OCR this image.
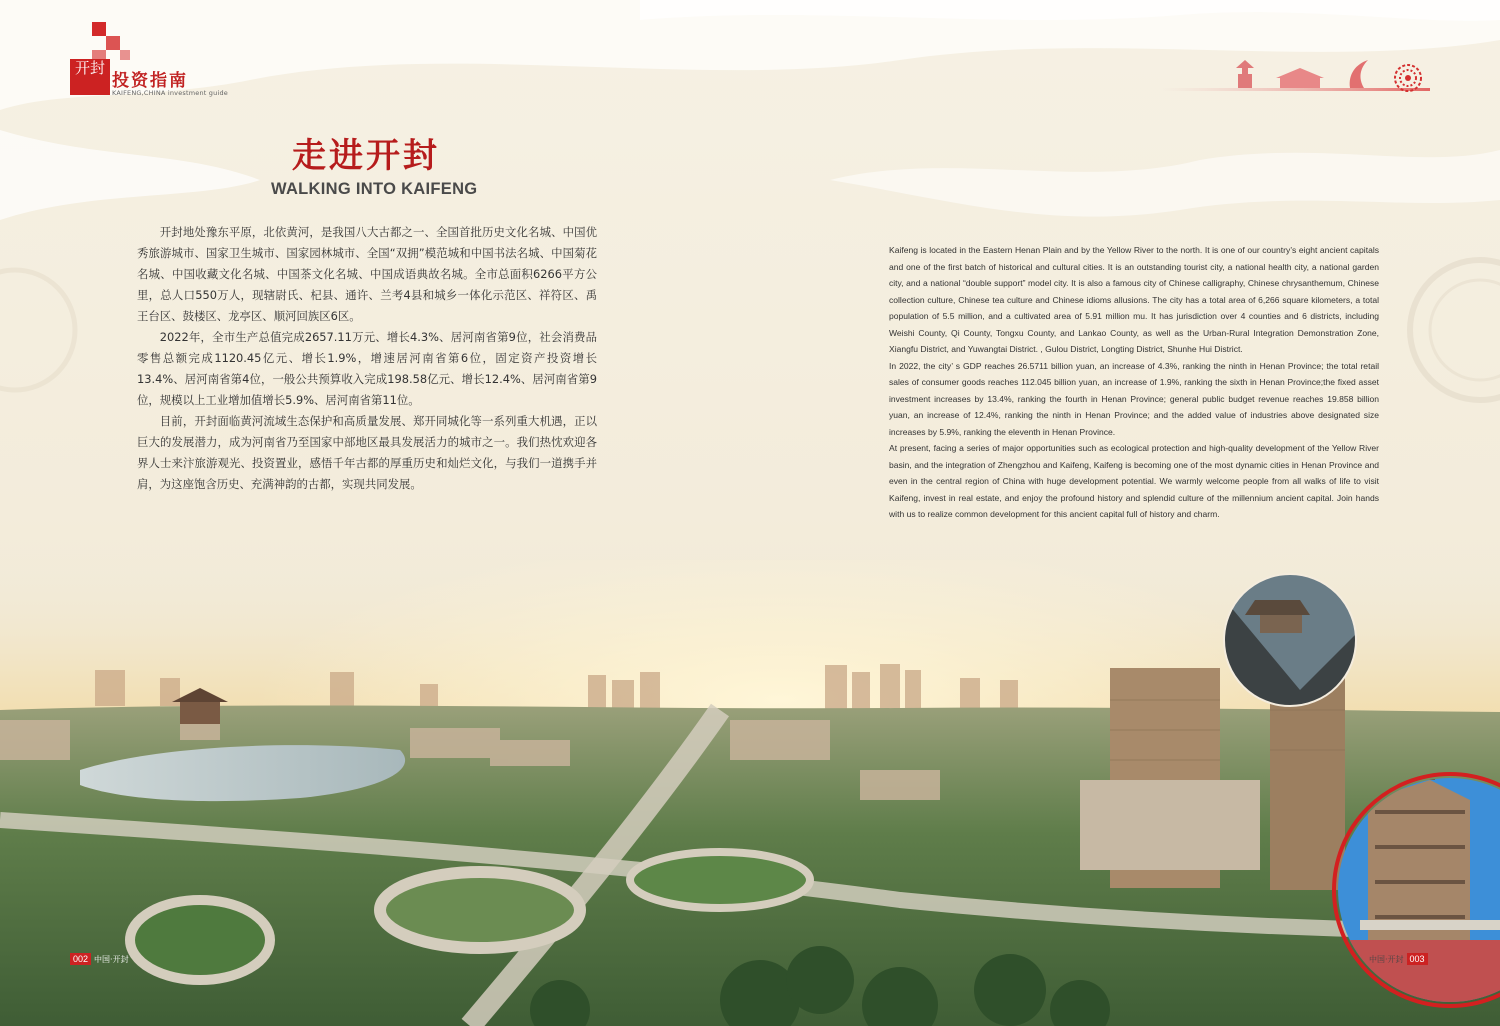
开封
投资指南
KAIFENG,CHINA investment guide
走进开封
WALKING INTO KAIFENG

开封地处豫东平原，北依黄河，是我国八大古都之一、全国首批历史文化名城、中国优秀旅游城市、国家卫生城市、国家园林城市、全国“双拥”模范城和中国书法名城、中国菊花名城、中国收藏文化名城、中国茶文化名城、中国成语典故名城。全市总面积6266平方公里，总人口550万人，现辖尉氏、杞县、通许、兰考4县和城乡一体化示范区、祥符区、禹王台区、鼓楼区、龙亭区、顺河回族区6区。

2022年，全市生产总值完成2657.11万元、增长4.3%、居河南省第9位，社会消费品零售总额完成1120.45亿元、增长1.9%，增速居河南省第6位，固定资产投资增长13.4%、居河南省第4位，一般公共预算收入完成198.58亿元、增长12.4%、居河南省第9位，规模以上工业增加值增长5.9%、居河南省第11位。

目前，开封面临黄河流域生态保护和高质量发展、郑开同城化等一系列重大机遇，正以巨大的发展潜力，成为河南省乃至国家中部地区最具发展活力的城市之一。我们热忱欢迎各界人士来汴旅游观光、投资置业，感悟千年古都的厚重历史和灿烂文化，与我们一道携手并肩，为这座饱含历史、充满神韵的古都，实现共同发展。

Kaifeng is located in the Eastern Henan Plain and by the Yellow River to the north. It is one of our country’s eight ancient capitals and one of the first batch of historical and cultural cities. It is an outstanding tourist city, a national health city, a national garden city, and a national “double support” model city. It is also a famous city of Chinese calligraphy, Chinese chrysanthemum, Chinese collection culture, Chinese tea culture and Chinese idioms allusions. The city has a total area of 6,266 square kilometers, a total population of 5.5 million, and a cultivated area of 5.91 million mu. It has jurisdiction over 4 counties and 6 districts, including Weishi County, Qi County, Tongxu County, and Lankao County, as well as the Urban-Rural Integration Demonstration Zone, Xiangfu District, and Yuwangtai District. , Gulou District, Longting District, Shunhe Hui District.

In 2022, the city’ s GDP reaches 26.5711 billion yuan, an increase of 4.3%, ranking the ninth in Henan Province; the total retail sales of consumer goods reaches 112.045 billion yuan, an increase of 1.9%, ranking the sixth in Henan Province;the fixed asset investment increases by 13.4%, ranking the fourth in Henan Province; general public budget revenue reaches 19.858 billion yuan, an increase of 12.4%, ranking the ninth in Henan Province; and the added value of industries above designated size increases by 5.9%, ranking the eleventh in Henan Province.

At present, facing a series of major opportunities such as ecological protection and high-quality development of the Yellow River basin, and the integration of Zhengzhou and Kaifeng, Kaifeng is becoming one of the most dynamic cities in Henan Province and even in the central region of China with huge development potential. We warmly welcome people from all walks of life to visit Kaifeng, invest in real estate, and enjoy the profound history and splendid culture of the millennium ancient capital. Join hands with us to realize common development for this ancient capital full of history and charm.

002 中国·开封	中国·开封 003
